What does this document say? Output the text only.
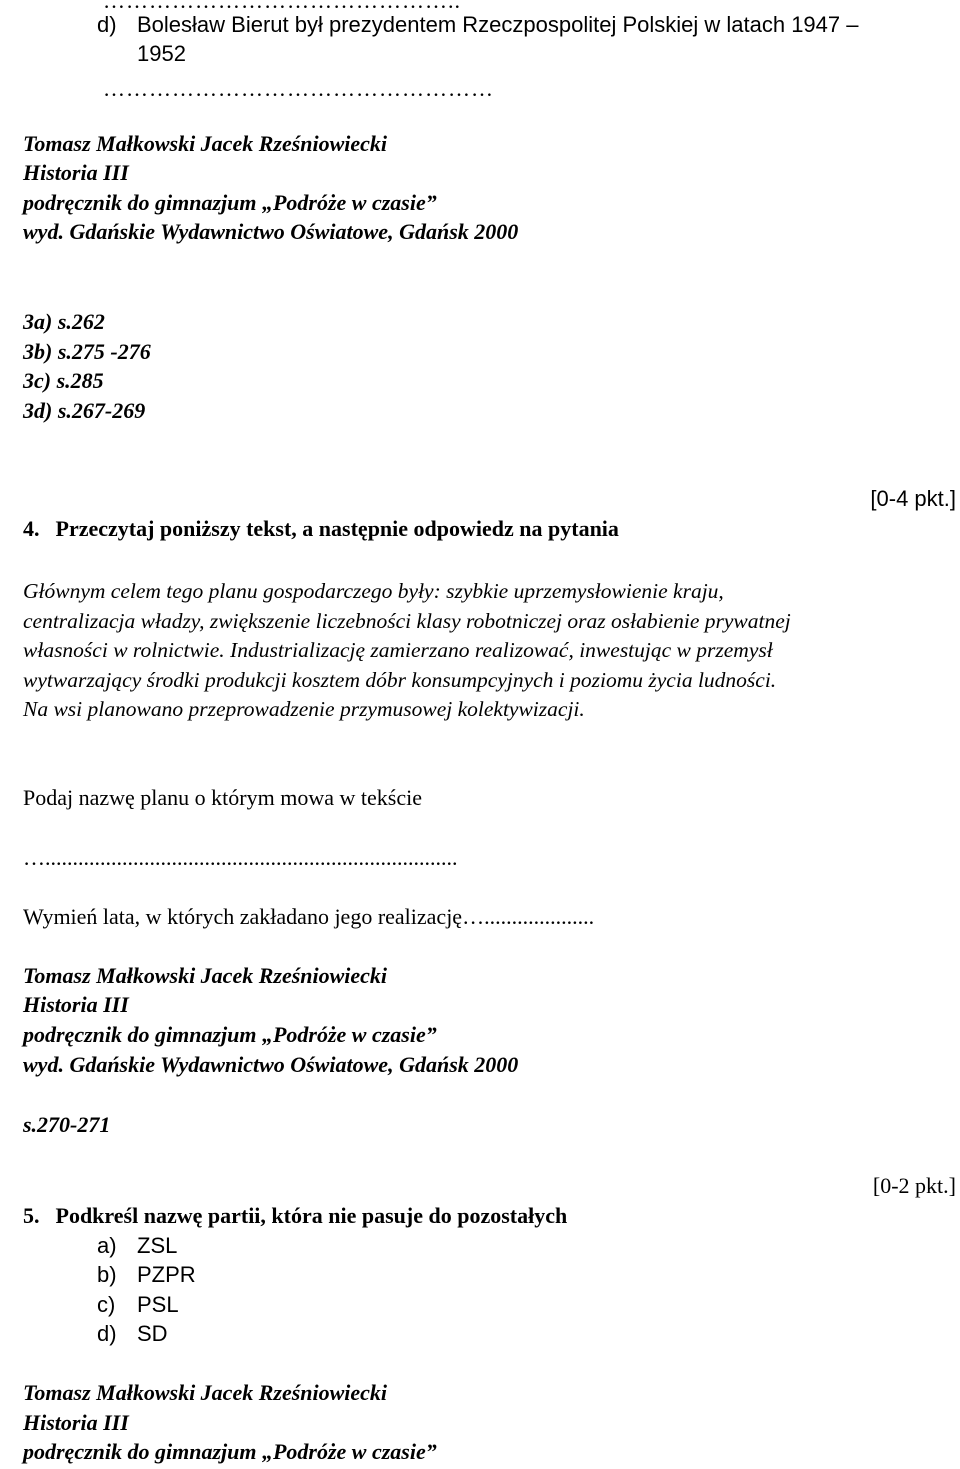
………………………………………..
d) Bolesław Bierut był prezydentem Rzeczpospolitej Polskiej w latach 1947 –
1952
……………………………………………
Tomasz Małkowski Jacek Rześniowiecki
Historia III
podręcznik do gimnazjum „Podróże w czasie”
wyd. Gdańskie Wydawnictwo Oświatowe, Gdańsk 2000
3a) s.262
3b) s.275 -276
3c) s.285
3d) s.267-269
[0-4 pkt.]
4. Przeczytaj poniższy tekst, a następnie odpowiedz na pytania
Głównym celem tego planu gospodarczego były: szybkie uprzemysłowienie kraju,
centralizacja władzy, zwiększenie liczebności klasy robotniczej oraz osłabienie prywatnej
własności w rolnictwie. Industrializację zamierzano realizować, inwestując w przemysł
wytwarzający środki produkcji kosztem dóbr konsumpcyjnych i poziomu życia ludności.
Na wsi planowano przeprowadzenie przymusowej kolektywizacji.
Podaj nazwę planu o którym mowa w tekście
…...........................................................................
Wymień lata, w których zakładano jego realizację…....................
Tomasz Małkowski Jacek Rześniowiecki
Historia III
podręcznik do gimnazjum „Podróże w czasie”
wyd. Gdańskie Wydawnictwo Oświatowe, Gdańsk 2000
s.270-271
[0-2 pkt.]
5. Podkreśl nazwę partii, która nie pasuje do pozostałych
a) ZSL
b) PZPR
c) PSL
d) SD
Tomasz Małkowski Jacek Rześniowiecki
Historia III
podręcznik do gimnazjum „Podróże w czasie”
